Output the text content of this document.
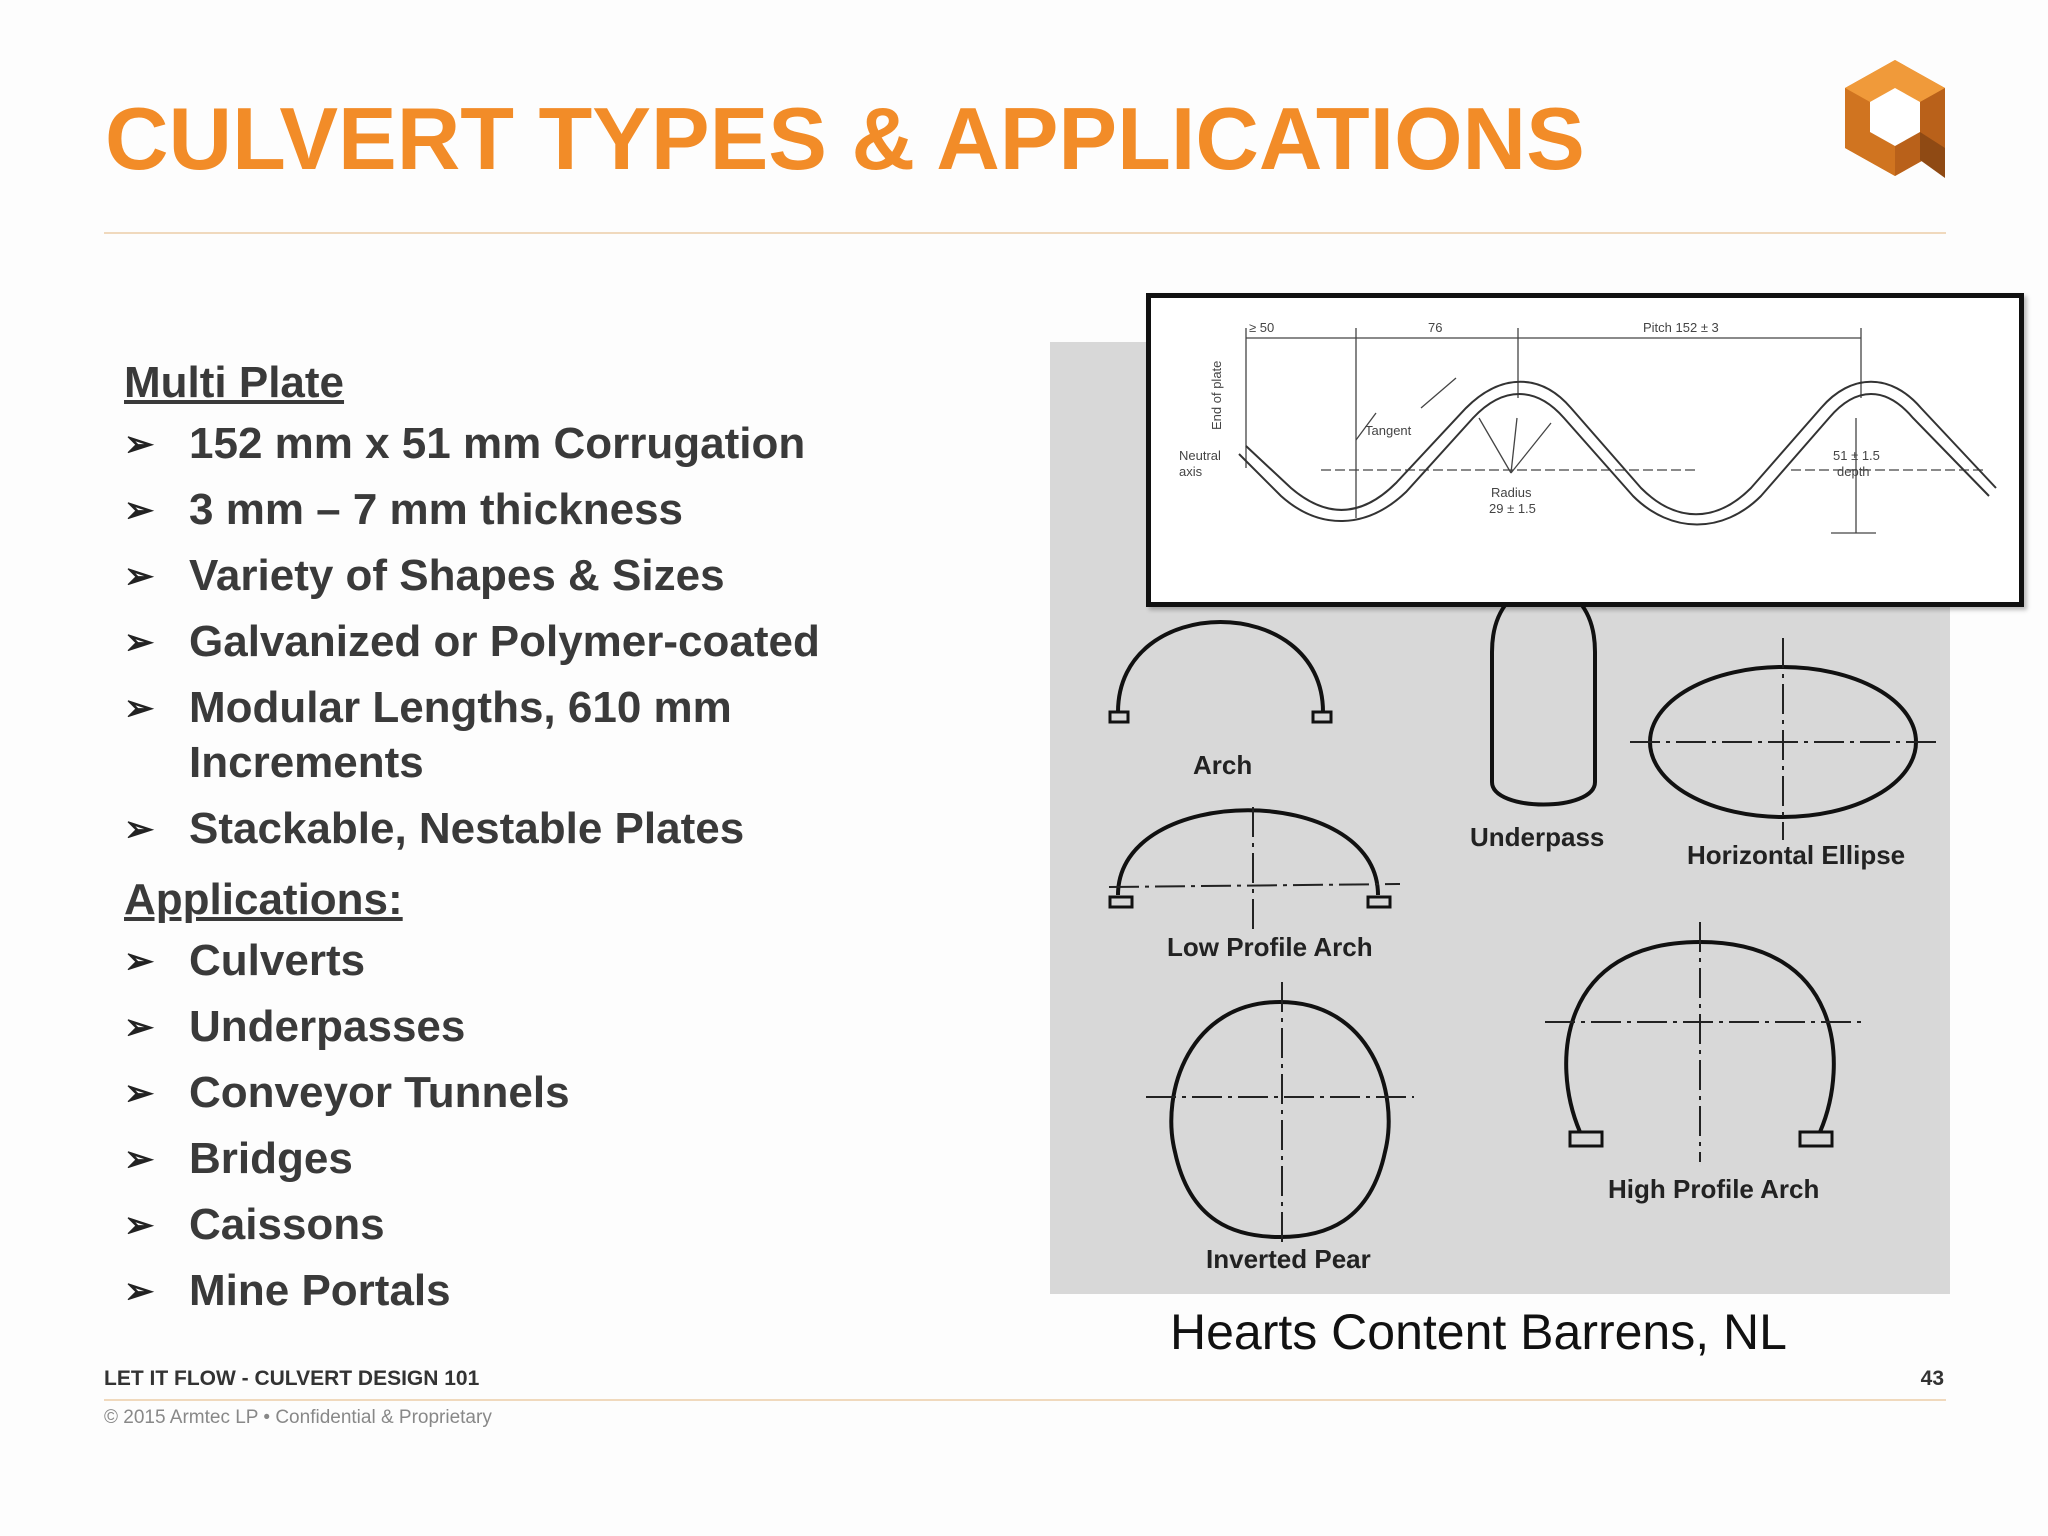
CULVERT TYPES & APPLICATIONS
Multi Plate
➢ 152 mm x 51 mm Corrugation
➢ 3 mm – 7 mm thickness
➢ Variety of Shapes & Sizes
➢ Galvanized or Polymer-coated
➢ Modular Lengths, 610 mm Increments
➢ Stackable, Nestable Plates
Applications:
➢ Culverts
➢ Underpasses
➢ Conveyor Tunnels
➢ Bridges
➢ Caissons
➢ Mine Portals
Arch
Underpass
Horizontal Ellipse
Low Profile Arch
Inverted Pear
High Profile Arch
≥ 50	76	Pitch 152 ± 3
End of plate
Tangent
Neutral
axis
Radius
29 ± 1.5
51 ± 1.5
depth
Hearts Content Barrens, NL
LET IT FLOW - CULVERT DESIGN 101	43
© 2015 Armtec LP • Confidential & Proprietary
